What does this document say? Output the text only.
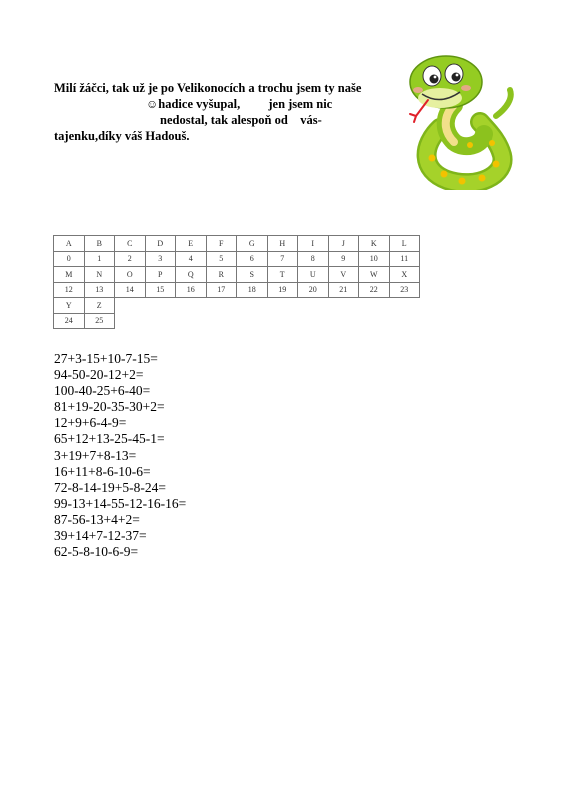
Milí žáčci, tak už je po Velikonocích a trochu jsem ty naše
☺hadice vyšupal,         jen jsem nic
nedostal, tak alespoň od    vás-
tajenku,díky váš Hadouš.
A	B	C	D	E	F	G	H	I	J	K	L
0	1	2	3	4	5	6	7	8	9	10	11
M	N	O	P	Q	R	S	T	U	V	W	X
12	13	14	15	16	17	18	19	20	21	22	23
Y	Z										
24	25										
27+3-15+10-7-15=
94-50-20-12+2=
100-40-25+6-40=
81+19-20-35-30+2=
12+9+6-4-9=
65+12+13-25-45-1=
3+19+7+8-13=
16+11+8-6-10-6=
72-8-14-19+5-8-24=
99-13+14-55-12-16-16=
87-56-13+4+2=
39+14+7-12-37=
62-5-8-10-6-9=
